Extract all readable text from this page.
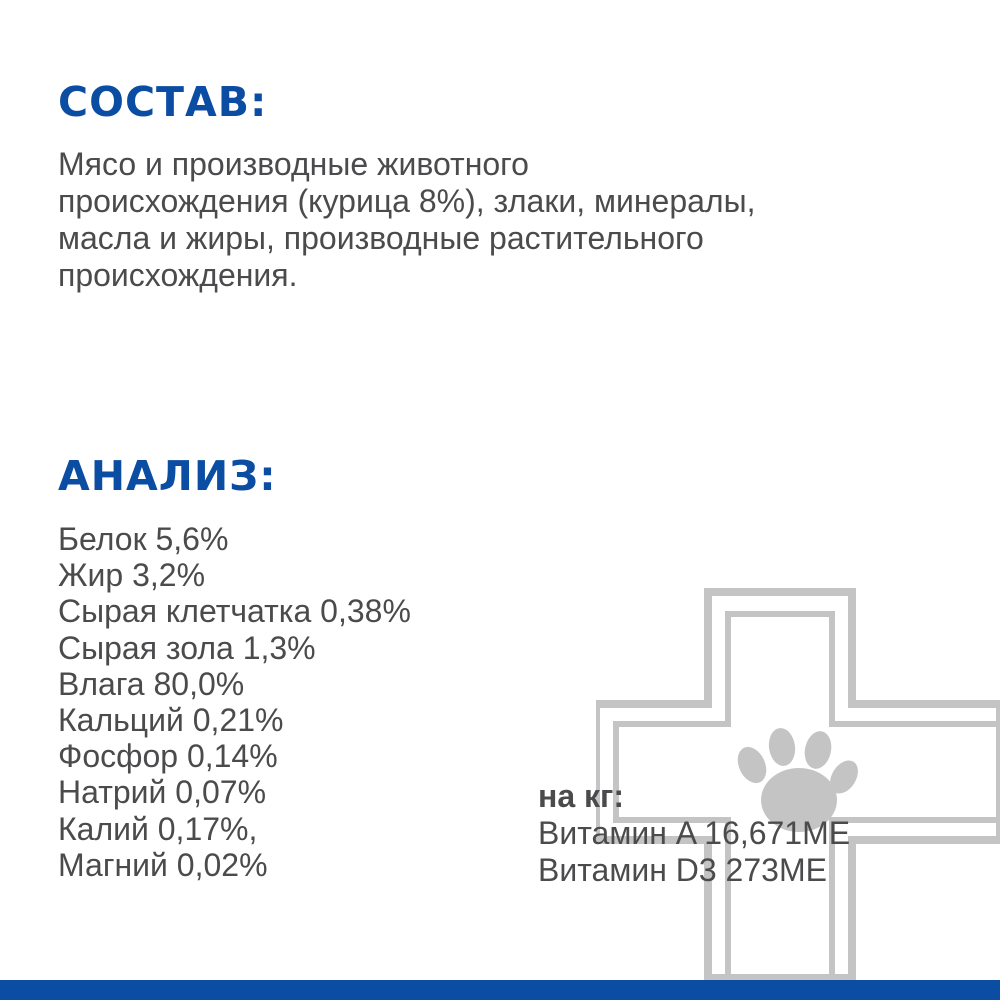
СОСТАВ:
Мясо и производные животного
происхождения (курица 8%), злаки, минералы,
масла и жиры, производные растительного
происхождения.
АНАЛИЗ:
Белок 5,6%
Жир 3,2%
Сырая клетчатка 0,38%
Сырая зола 1,3%
Влага 80,0%
Кальций 0,21%
Фосфор 0,14%
Натрий 0,07%
Калий 0,17%,
Магний 0,02%
на кг:
Витамин A 16,671МЕ
Витамин D3 273МЕ
